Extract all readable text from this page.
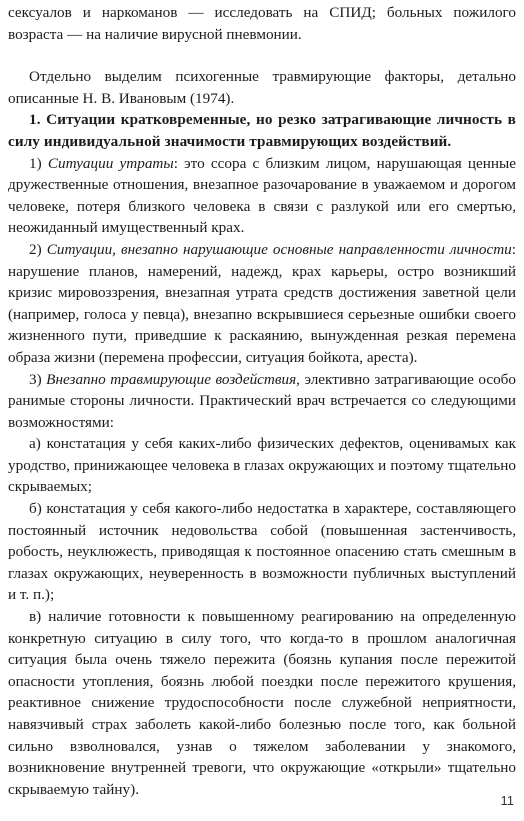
сексуалов и наркоманов — исследовать на СПИД; больных пожилого возраста — на наличие вирусной пневмонии.

Отдельно выделим психогенные травмирующие факторы, детально описанные Н. В. Ивановым (1974).

1. Ситуации кратковременные, но резко затрагивающие личность в силу индивидуальной значимости травмирующих воздействий.

1) Ситуации утраты: это ссора с близким лицом, нарушающая ценные дружественные отношения, внезапное разочарование в уважаемом и дорогом человеке, потеря близкого человека в связи с разлукой или его смертью, неожиданный имущественный крах.

2) Ситуации, внезапно нарушающие основные направленности личности: нарушение планов, намерений, надежд, крах карьеры, остро возникший кризис мировоззрения, внезапная утрата средств достижения заветной цели (например, голоса у певца), внезапно вскрывшиеся серьезные ошибки своего жизненного пути, приведшие к раскаянию, вынужденная резкая перемена образа жизни (перемена профессии, ситуация бойкота, ареста).

3) Внезапно травмирующие воздействия, элективно затрагивающие особо ранимые стороны личности. Практический врач встречается со следующими возможностями:

а) констатация у себя каких-либо физических дефектов, оценивамых как уродство, принижающее человека в глазах окружающих и поэтому тщательно скрываемых;

б) констатация у себя какого-либо недостатка в характере, составляющего постоянный источник недовольства собой (повышенная застенчивость, робость, неуклюжесть, приводящая к постоянное опасению стать смешным в глазах окружающих, неуверенность в возможности публичных выступлений и т. п.);

в) наличие готовности к повышенному реагированию на определенную конкретную ситуацию в силу того, что когда-то в прошлом аналогичная ситуация была очень тяжело пережита (боязнь купания после пережитой опасности утопления, боязнь любой поездки после пережитого крушения, реактивное снижение трудоспособности после служебной неприятности, навязчивый страх заболеть какой-либо болезнью после того, как больной сильно взволновался, узнав о тяжелом заболевании у знакомого, возникновение внутренней тревоги, что окружающие «открыли» тщательно скрываемую тайну).

11
